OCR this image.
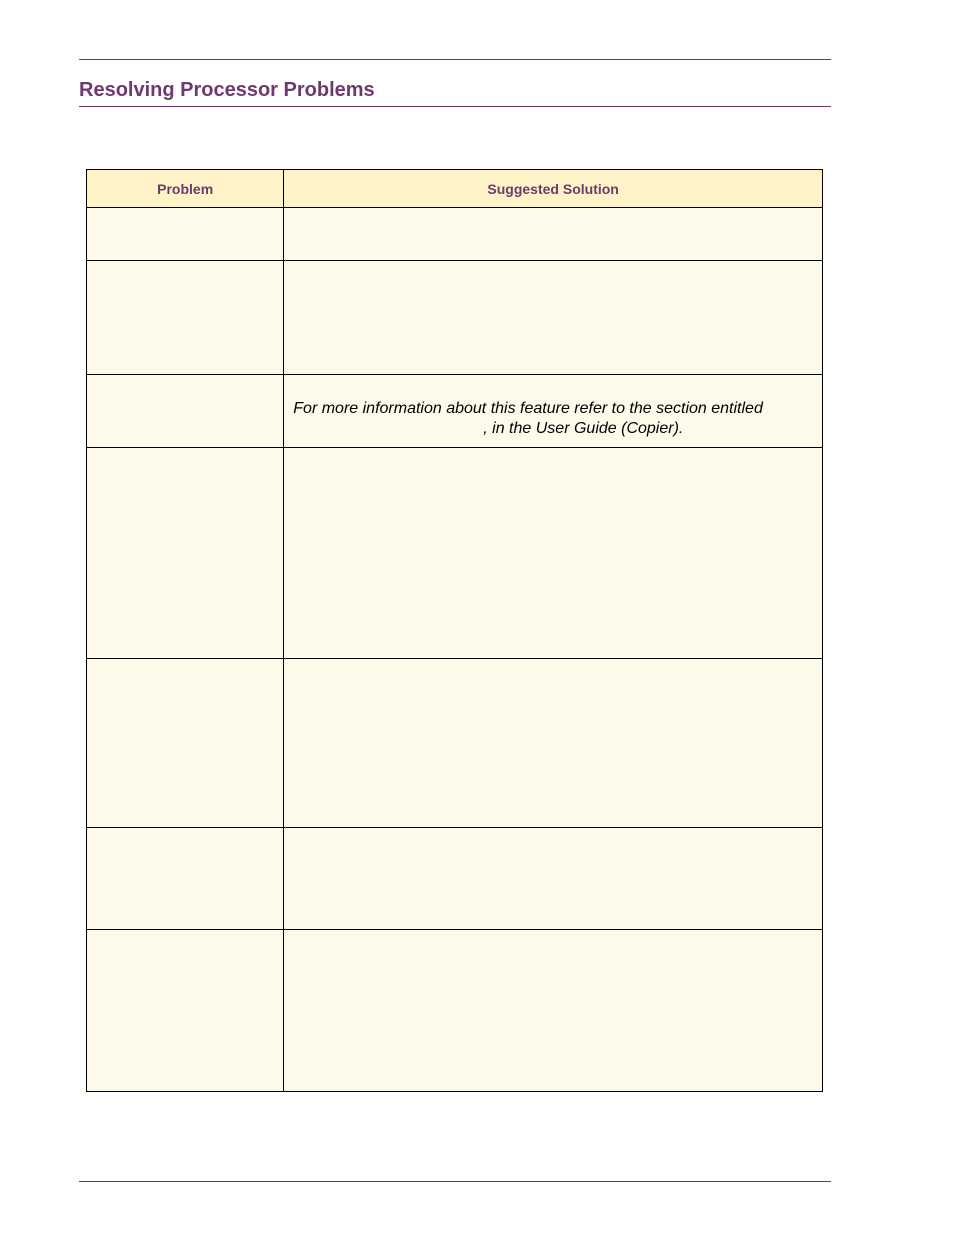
Resolving Processor Problems
Problem	Suggested Solution

	For more information about this feature refer to the section entitled
, in the User Guide (Copier).
